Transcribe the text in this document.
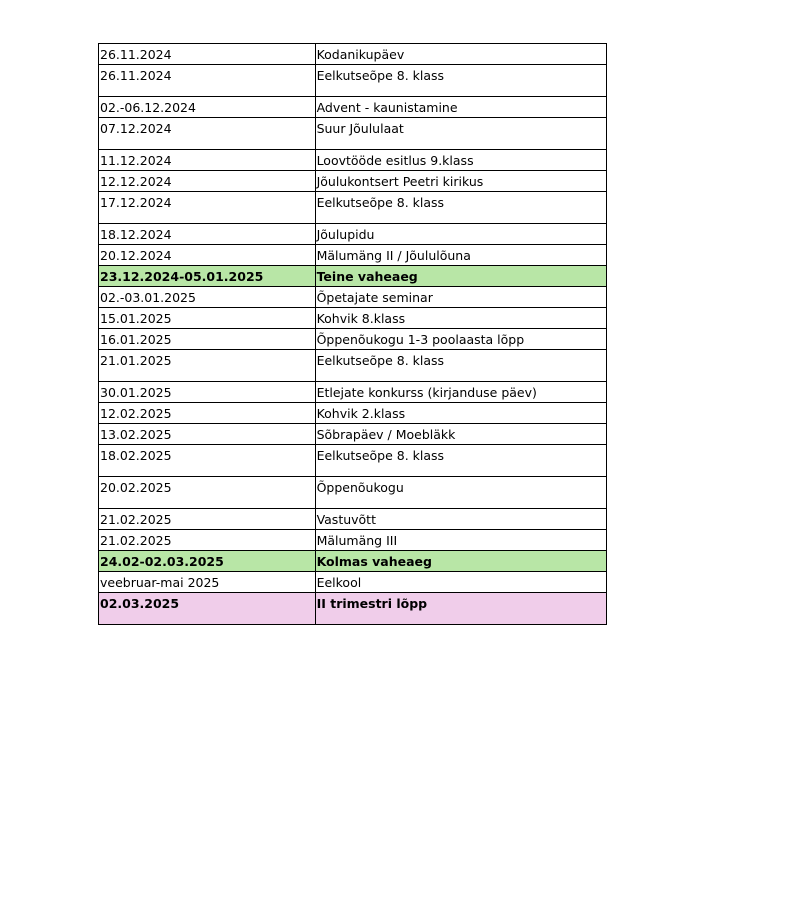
26.11.2024	Kodanikupäev

26.11.2024	Eelkutseõpe 8. klass

02.-06.12.2024	Advent - kaunistamine

07.12.2024	Suur Jõululaat

11.12.2024	Loovtööde esitlus 9.klass

12.12.2024	Jõulukontsert Peetri kirikus

17.12.2024	Eelkutseõpe 8. klass

18.12.2024	Jõulupidu

20.12.2024	Mälumäng II / Jõululõuna

23.12.2024-05.01.2025	Teine vaheaeg

02.-03.01.2025	Õpetajate seminar

15.01.2025	Kohvik 8.klass

16.01.2025	Õppenõukogu 1-3 poolaasta lõpp

21.01.2025	Eelkutseõpe 8. klass

30.01.2025	Etlejate konkurss (kirjanduse päev)

12.02.2025	Kohvik 2.klass

13.02.2025	Sõbrapäev / Moebläkk

18.02.2025	Eelkutseõpe 8. klass

20.02.2025	Õppenõukogu

21.02.2025	Vastuvõtt

21.02.2025	Mälumäng III

24.02-02.03.2025	Kolmas vaheaeg

veebruar-mai 2025	Eelkool

02.03.2025	II trimestri lõpp
